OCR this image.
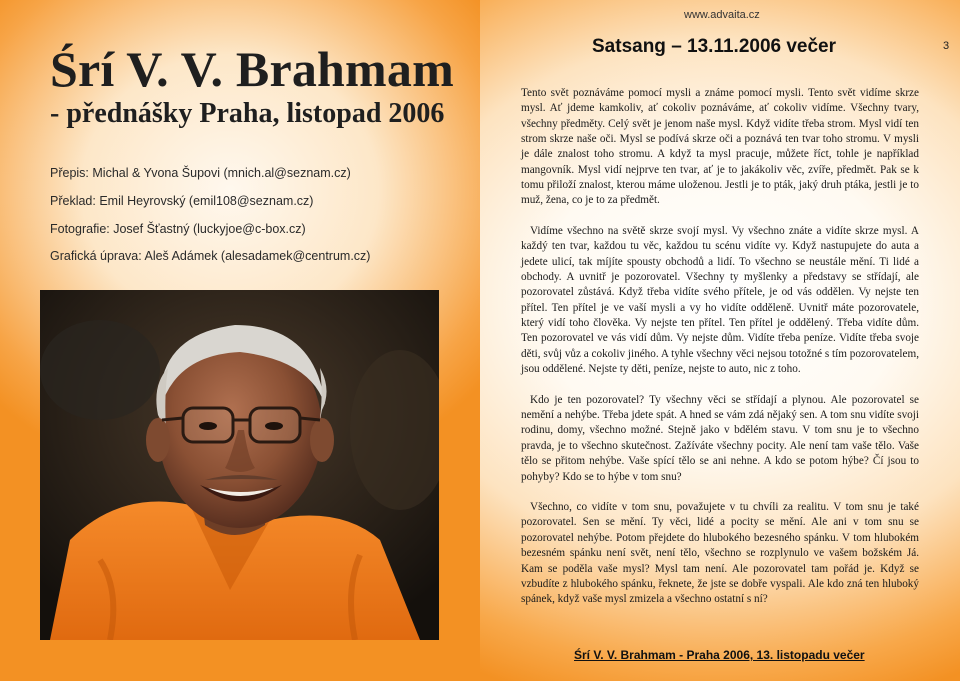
Śrí V. V. Brahmam
- přednášky Praha, listopad 2006
Přepis: Michal & Yvona Šupovi (mnich.al@seznam.cz)
Překlad: Emil Heyrovský (emil108@seznam.cz)
Fotografie: Josef Šťastný (luckyjoe@c-box.cz)
Grafická úprava: Aleš Adámek (alesadamek@centrum.cz)
www.advaita.cz
Satsang – 13.11.2006 večer	3

Tento svět poznáváme pomocí mysli a známe pomocí mysli. Tento svět vidíme skrze mysl. Ať jdeme kamkoliv, ať cokoliv poznáváme, ať cokoliv vidíme. Všechny tvary, všechny předměty. Celý svět je jenom naše mysl. Když vidíte třeba strom. Mysl vidí ten strom skrze naše oči. Mysl se podívá skrze oči a poznává ten tvar toho stromu. V mysli je dále znalost toho stromu. A když ta mysl pracuje, můžete říct, tohle je například mangovník. Mysl vidí nejprve ten tvar, ať je to jakákoliv věc, zvíře, předmět. Pak se k tomu přiloží znalost, kterou máme uloženou. Jestli je to pták, jaký druh ptáka, jestli je to muž, žena, co je to za předmět.

Vidíme všechno na světě skrze svojí mysl. Vy všechno znáte a vidíte skrze mysl. A každý ten tvar, každou tu věc, každou tu scénu vidíte vy. Když nastupujete do auta a jedete ulicí, tak míjíte spousty obchodů a lidí. To všechno se neustále mění. Ti lidé a obchody. A uvnitř je pozorovatel. Všechny ty myšlenky a představy se střídají, ale pozorovatel zůstává. Když třeba vidíte svého přítele, je od vás oddělen. Vy nejste ten přítel. Ten přítel je ve vaší mysli a vy ho vidíte odděleně. Uvnitř máte pozorovatele, který vidí toho člověka. Vy nejste ten přítel. Ten přítel je oddělený. Třeba vidíte dům. Ten pozorovatel ve vás vidí dům. Vy nejste dům. Vidíte třeba peníze. Vidíte třeba svoje děti, svůj vůz a cokoliv jiného. A tyhle všechny věci nejsou totožné s tím pozorovatelem, jsou oddělené. Nejste ty děti, peníze, nejste to auto, nic z toho.

Kdo je ten pozorovatel? Ty všechny věci se střídají a plynou. Ale pozorovatel se nemění a nehýbe. Třeba jdete spát. A hned se vám zdá nějaký sen. A tom snu vidíte svoji rodinu, domy, všechno možné. Stejně jako v bdělém stavu. V tom snu je to všechno pravda, je to všechno skutečnost. Zažíváte všechny pocity. Ale není tam vaše tělo. Vaše tělo se přitom nehýbe. Vaše spící tělo se ani nehne. A kdo se potom hýbe? Čí jsou to pohyby? Kdo se to hýbe v tom snu?

Všechno, co vidíte v tom snu, považujete v tu chvíli za realitu. V tom snu je také pozorovatel. Sen se mění. Ty věci, lidé a pocity se mění. Ale ani v tom snu se pozorovatel nehýbe. Potom přejdete do hlubokého bezesného spánku. V tom hlubokém bezesném spánku není svět, není tělo, všechno se rozplynulo ve vašem božském Já. Kam se poděla vaše mysl? Mysl tam není. Ale pozorovatel tam pořád je. Když se vzbudíte z hlubokého spánku, řeknete, že jste se dobře vyspali. Ale kdo zná ten hluboký spánek, když vaše mysl zmizela a všechno ostatní s ní?

Śrí V. V. Brahmam - Praha 2006, 13. listopadu večer
